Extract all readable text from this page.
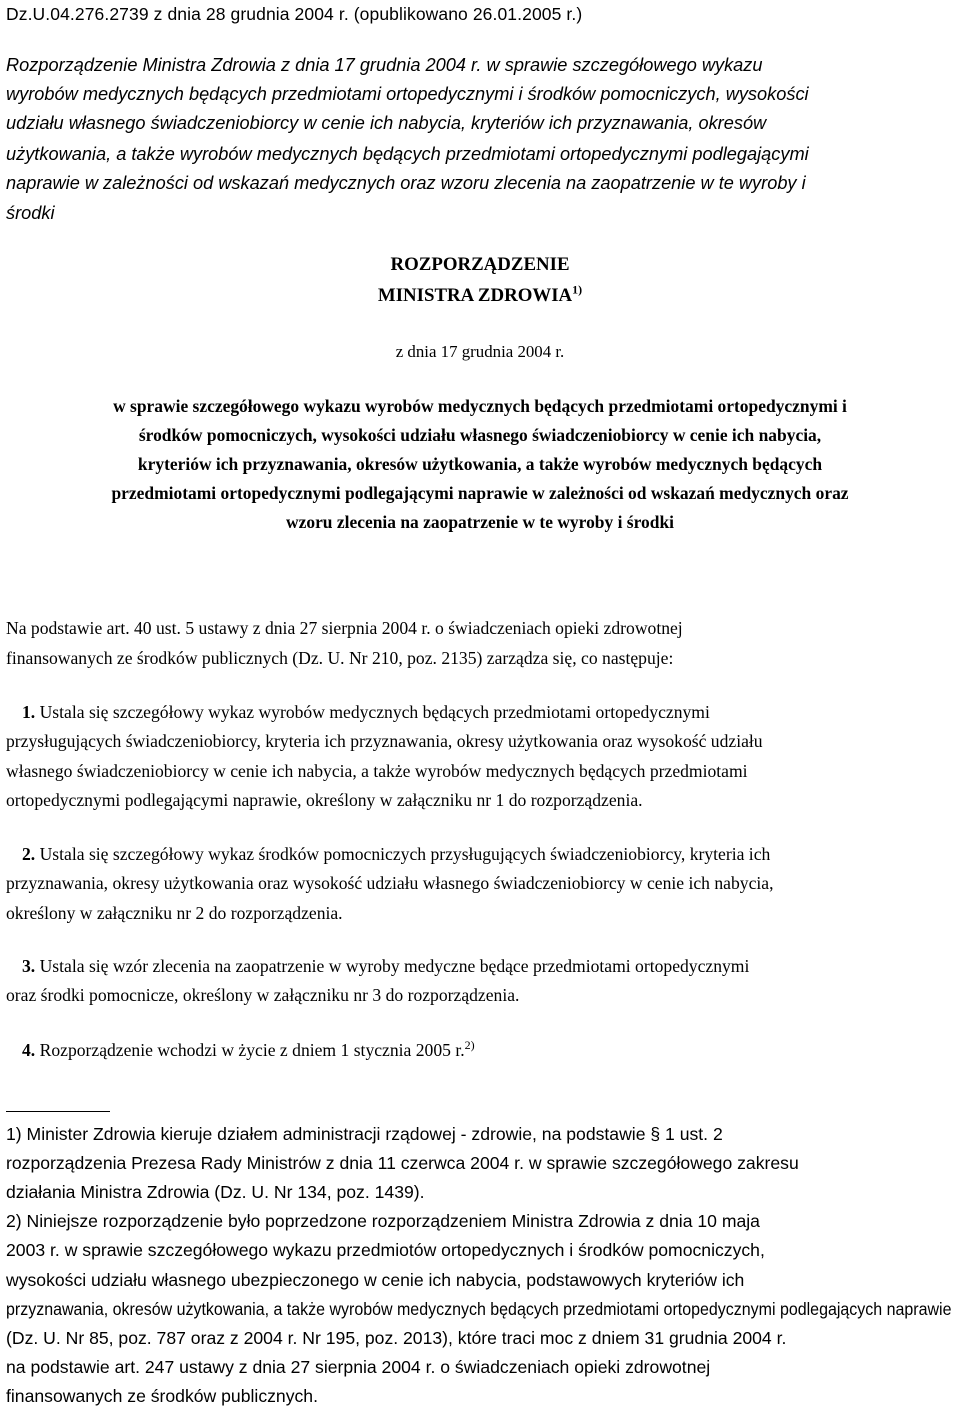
Dz.U.04.276.2739 z dnia 28 grudnia 2004 r. (opublikowano 26.01.2005 r.)
Rozporządzenie Ministra Zdrowia z dnia 17 grudnia 2004 r. w sprawie szczegółowego wykazu
wyrobów medycznych będących przedmiotami ortopedycznymi i środków pomocniczych, wysokości
udziału własnego świadczeniobiorcy w cenie ich nabycia, kryteriów ich przyznawania, okresów
użytkowania, a także wyrobów medycznych będących przedmiotami ortopedycznymi podlegającymi
naprawie w zależności od wskazań medycznych oraz wzoru zlecenia na zaopatrzenie w te wyroby i
środki
ROZPORZĄDZENIE
MINISTRA ZDROWIA$^{1)}$
z dnia 17 grudnia 2004 r.
w sprawie szczegółowego wykazu wyrobów medycznych będących przedmiotami ortopedycznymi i
środków pomocniczych, wysokości udziału własnego świadczeniobiorcy w cenie ich nabycia,
kryteriów ich przyznawania, okresów użytkowania, a także wyrobów medycznych będących
przedmiotami ortopedycznymi podlegającymi naprawie w zależności od wskazań medycznych oraz
wzoru zlecenia na zaopatrzenie w te wyroby i środki
Na podstawie art. 40 ust. 5 ustawy z dnia 27 sierpnia 2004 r. o świadczeniach opieki zdrowotnej
finansowanych ze środków publicznych (Dz. U. Nr 210, poz. 2135) zarządza się, co następuje:
1. Ustala się szczegółowy wykaz wyrobów medycznych będących przedmiotami ortopedycznymi
przysługujących świadczeniobiorcy, kryteria ich przyznawania, okresy użytkowania oraz wysokość udziału
własnego świadczeniobiorcy w cenie ich nabycia, a także wyrobów medycznych będących przedmiotami
ortopedycznymi podlegającymi naprawie, określony w załączniku nr 1 do rozporządzenia.
2. Ustala się szczegółowy wykaz środków pomocniczych przysługujących świadczeniobiorcy, kryteria ich
przyznawania, okresy użytkowania oraz wysokość udziału własnego świadczeniobiorcy w cenie ich nabycia,
określony w załączniku nr 2 do rozporządzenia.
3. Ustala się wzór zlecenia na zaopatrzenie w wyroby medyczne będące przedmiotami ortopedycznymi
oraz środki pomocnicze, określony w załączniku nr 3 do rozporządzenia.
4. Rozporządzenie wchodzi w życie z dniem 1 stycznia 2005 r.$^{2)}$
1) Minister Zdrowia kieruje działem administracji rządowej - zdrowie, na podstawie § 1 ust. 2
rozporządzenia Prezesa Rady Ministrów z dnia 11 czerwca 2004 r. w sprawie szczegółowego zakresu
działania Ministra Zdrowia (Dz. U. Nr 134, poz. 1439).
2) Niniejsze rozporządzenie było poprzedzone rozporządzeniem Ministra Zdrowia z dnia 10 maja
2003 r. w sprawie szczegółowego wykazu przedmiotów ortopedycznych i środków pomocniczych,
wysokości udziału własnego ubezpieczonego w cenie ich nabycia, podstawowych kryteriów ich
przyznawania, okresów użytkowania, a także wyrobów medycznych będących przedmiotami ortopedycznymi podlegających naprawie
(Dz. U. Nr 85, poz. 787 oraz z 2004 r. Nr 195, poz. 2013), które traci moc z dniem 31 grudnia 2004 r.
na podstawie art. 247 ustawy z dnia 27 sierpnia 2004 r. o świadczeniach opieki zdrowotnej
finansowanych ze środków publicznych.
